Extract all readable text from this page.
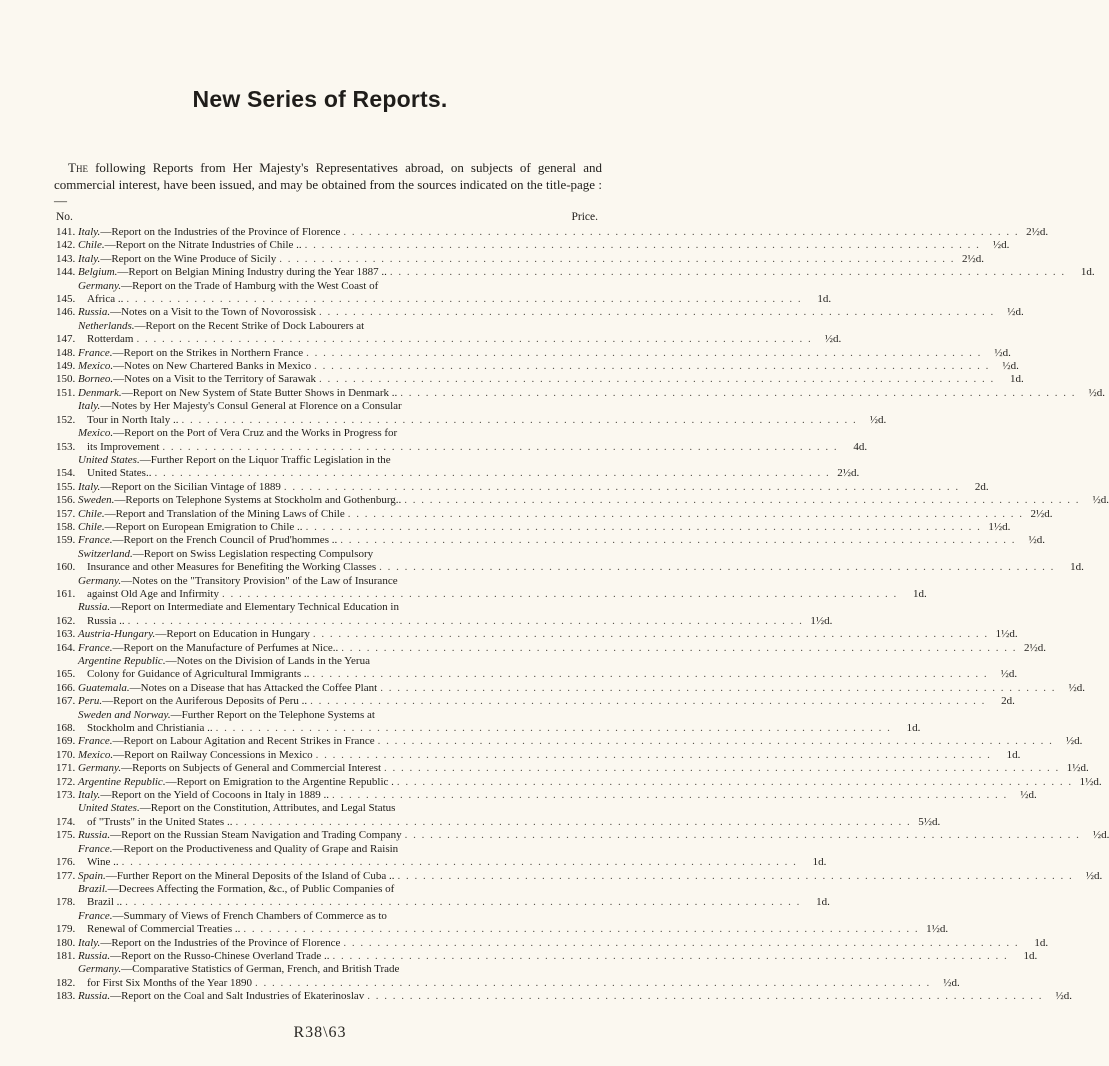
New Series of Reports.

The following Reports from Her Majesty's Representatives abroad, on subjects of general and commercial interest, have been issued, and may be obtained from the sources indicated on the title-page :—

No.	Price.
141. Italy.—Report on the Industries of the Province of Florence . . . . . . . . . . . . . . . . . . . . . . . . . . . . . . . . . . . . . . . . . . . . . . . . . . . . . . . . . . . . . . . . . . . . . . . . . . . . . . . . 2½d.
142. Chile.—Report on the Nitrate Industries of Chile .. . . . . . . . . . . . . . . . . . . . . . . . . . . . . . . . . . . . . . . . . . . . . . . . . . . . . . . . . . . . . . . . . . . . . . . . . . . . . . . . .	½d.
143. Italy.—Report on the Wine Produce of Sicily . . . . . . . . . . . . . . . . . . . . . . . . . . . . . . . . . . . . . . . . . . . . . . . . . . . . . . . . . . . . . . . . . . . . . . . . . . . . . . . . 2½d.
144. Belgium.—Report on Belgian Mining Industry during the Year 1887 .. . . . . . . . . . . . . . . . . . . . . . . . . . . . . . . . . . . . . . . . . . . . . . . . . . . . . . . . . . . . . . . . . . . . . . . . . . . . . . . . .	1d.
145.
Germany.—Report on the Trade of Hamburg with the West Coast of
Africa .. . . . . . . . . . . . . . . . . . . . . . . . . . . . . . . . . . . . . . . . . . . . . . . . . . . . . . . . . . . . . . . . . . . . . . . . . . . . . . . . .	1d.
146. Russia.—Notes on a Visit to the Town of Novorossisk . . . . . . . . . . . . . . . . . . . . . . . . . . . . . . . . . . . . . . . . . . . . . . . . . . . . . . . . . . . . . . . . . . . . . . . . . . . . . . . .	½d.
147.
Netherlands.—Report on the Recent Strike of Dock Labourers at
Rotterdam . . . . . . . . . . . . . . . . . . . . . . . . . . . . . . . . . . . . . . . . . . . . . . . . . . . . . . . . . . . . . . . . . . . . . . . . . . . . . . . .	½d.
148. France.—Report on the Strikes in Northern France . . . . . . . . . . . . . . . . . . . . . . . . . . . . . . . . . . . . . . . . . . . . . . . . . . . . . . . . . . . . . . . . . . . . . . . . . . . . . . . .	½d.
149. Mexico.—Notes on New Chartered Banks in Mexico . . . . . . . . . . . . . . . . . . . . . . . . . . . . . . . . . . . . . . . . . . . . . . . . . . . . . . . . . . . . . . . . . . . . . . . . . . . . . . . .	½d.
150. Borneo.—Notes on a Visit to the Territory of Sarawak . . . . . . . . . . . . . . . . . . . . . . . . . . . . . . . . . . . . . . . . . . . . . . . . . . . . . . . . . . . . . . . . . . . . . . . . . . . . . . . .	1d.
151. Denmark.—Report on New System of State Butter Shows in Denmark .. . . . . . . . . . . . . . . . . . . . . . . . . . . . . . . . . . . . . . . . . . . . . . . . . . . . . . . . . . . . . . . . . . . . . . . . . . . . . . . . .	½d.
152.
Italy.—Notes by Her Majesty's Consul General at Florence on a Consular
Tour in North Italy .. . . . . . . . . . . . . . . . . . . . . . . . . . . . . . . . . . . . . . . . . . . . . . . . . . . . . . . . . . . . . . . . . . . . . . . . . . . . . . . . .	½d.
153.
Mexico.—Report on the Port of Vera Cruz and the Works in Progress for
its Improvement . . . . . . . . . . . . . . . . . . . . . . . . . . . . . . . . . . . . . . . . . . . . . . . . . . . . . . . . . . . . . . . . . . . . . . . . . . . . . . . .	4d.
154.
United States.—Further Report on the Liquor Traffic Legislation in the
United States.. . . . . . . . . . . . . . . . . . . . . . . . . . . . . . . . . . . . . . . . . . . . . . . . . . . . . . . . . . . . . . . . . . . . . . . . . . . . . . . . . 2½d.
155. Italy.—Report on the Sicilian Vintage of 1889 . . . . . . . . . . . . . . . . . . . . . . . . . . . . . . . . . . . . . . . . . . . . . . . . . . . . . . . . . . . . . . . . . . . . . . . . . . . . . . . .	2d.
156. Sweden.—Reports on Telephone Systems at Stockholm and Gothenburg.. . . . . . . . . . . . . . . . . . . . . . . . . . . . . . . . . . . . . . . . . . . . . . . . . . . . . . . . . . . . . . . . . . . . . . . . . . . . . . . . .	½d.
157. Chile.—Report and Translation of the Mining Laws of Chile . . . . . . . . . . . . . . . . . . . . . . . . . . . . . . . . . . . . . . . . . . . . . . . . . . . . . . . . . . . . . . . . . . . . . . . . . . . . . . . . 2½d.
158. Chile.—Report on European Emigration to Chile .. . . . . . . . . . . . . . . . . . . . . . . . . . . . . . . . . . . . . . . . . . . . . . . . . . . . . . . . . . . . . . . . . . . . . . . . . . . . . . . . . 1½d.
159. France.—Report on the French Council of Prud'hommes .. . . . . . . . . . . . . . . . . . . . . . . . . . . . . . . . . . . . . . . . . . . . . . . . . . . . . . . . . . . . . . . . . . . . . . . . . . . . . . . . .	½d.
160.
Switzerland.—Report on Swiss Legislation respecting Compulsory
Insurance and other Measures for Benefiting the Working Classes . . . . . . . . . . . . . . . . . . . . . . . . . . . . . . . . . . . . . . . . . . . . . . . . . . . . . . . . . . . . . . . . . . . . . . . . . . . . . . . .	1d.
161.
Germany.—Notes on the "Transitory Provision" of the Law of Insurance
against Old Age and Infirmity . . . . . . . . . . . . . . . . . . . . . . . . . . . . . . . . . . . . . . . . . . . . . . . . . . . . . . . . . . . . . . . . . . . . . . . . . . . . . . . .	1d.
162.
Russia.—Report on Intermediate and Elementary Technical Education in
Russia .. . . . . . . . . . . . . . . . . . . . . . . . . . . . . . . . . . . . . . . . . . . . . . . . . . . . . . . . . . . . . . . . . . . . . . . . . . . . . . . . . 1½d.
163. Austria-Hungary.—Report on Education in Hungary . . . . . . . . . . . . . . . . . . . . . . . . . . . . . . . . . . . . . . . . . . . . . . . . . . . . . . . . . . . . . . . . . . . . . . . . . . . . . . . . 1½d.
164. France.—Report on the Manufacture of Perfumes at Nice.. . . . . . . . . . . . . . . . . . . . . . . . . . . . . . . . . . . . . . . . . . . . . . . . . . . . . . . . . . . . . . . . . . . . . . . . . . . . . . . . . 2½d.
165.
Argentine Republic.—Notes on the Division of Lands in the Yerua
Colony for Guidance of Agricultural Immigrants .. . . . . . . . . . . . . . . . . . . . . . . . . . . . . . . . . . . . . . . . . . . . . . . . . . . . . . . . . . . . . . . . . . . . . . . . . . . . . . . . .	½d.
166. Guatemala.—Notes on a Disease that has Attacked the Coffee Plant . . . . . . . . . . . . . . . . . . . . . . . . . . . . . . . . . . . . . . . . . . . . . . . . . . . . . . . . . . . . . . . . . . . . . . . . . . . . . . . .	½d.
167. Peru.—Report on the Auriferous Deposits of Peru .. . . . . . . . . . . . . . . . . . . . . . . . . . . . . . . . . . . . . . . . . . . . . . . . . . . . . . . . . . . . . . . . . . . . . . . . . . . . . . . . .	2d.
168.
Sweden and Norway.—Further Report on the Telephone Systems at
Stockholm and Christiania .. . . . . . . . . . . . . . . . . . . . . . . . . . . . . . . . . . . . . . . . . . . . . . . . . . . . . . . . . . . . . . . . . . . . . . . . . . . . . . . . .	1d.
169. France.—Report on Labour Agitation and Recent Strikes in France . . . . . . . . . . . . . . . . . . . . . . . . . . . . . . . . . . . . . . . . . . . . . . . . . . . . . . . . . . . . . . . . . . . . . . . . . . . . . . . .	½d.
170. Mexico.—Report on Railway Concessions in Mexico . . . . . . . . . . . . . . . . . . . . . . . . . . . . . . . . . . . . . . . . . . . . . . . . . . . . . . . . . . . . . . . . . . . . . . . . . . . . . . . .	1d.
171. Germany.—Reports on Subjects of General and Commercial Interest . . . . . . . . . . . . . . . . . . . . . . . . . . . . . . . . . . . . . . . . . . . . . . . . . . . . . . . . . . . . . . . . . . . . . . . . . . . . . . . . 1½d.
172. Argentine Republic.—Report on Emigration to the Argentine Republic . . . . . . . . . . . . . . . . . . . . . . . . . . . . . . . . . . . . . . . . . . . . . . . . . . . . . . . . . . . . . . . . . . . . . . . . . . . . . . . . . 1½d.
173. Italy.—Report on the Yield of Cocoons in Italy in 1889 .. . . . . . . . . . . . . . . . . . . . . . . . . . . . . . . . . . . . . . . . . . . . . . . . . . . . . . . . . . . . . . . . . . . . . . . . . . . . . . . . .	½d.
174.
United States.—Report on the Constitution, Attributes, and Legal Status
of "Trusts" in the United States .. . . . . . . . . . . . . . . . . . . . . . . . . . . . . . . . . . . . . . . . . . . . . . . . . . . . . . . . . . . . . . . . . . . . . . . . . . . . . . . . . 5½d.
175. Russia.—Report on the Russian Steam Navigation and Trading Company . . . . . . . . . . . . . . . . . . . . . . . . . . . . . . . . . . . . . . . . . . . . . . . . . . . . . . . . . . . . . . . . . . . . . . . . . . . . . . . .	½d.
176.
France.—Report on the Productiveness and Quality of Grape and Raisin
Wine .. . . . . . . . . . . . . . . . . . . . . . . . . . . . . . . . . . . . . . . . . . . . . . . . . . . . . . . . . . . . . . . . . . . . . . . . . . . . . . . . .	1d.
177. Spain.—Further Report on the Mineral Deposits of the Island of Cuba .. . . . . . . . . . . . . . . . . . . . . . . . . . . . . . . . . . . . . . . . . . . . . . . . . . . . . . . . . . . . . . . . . . . . . . . . . . . . . . . . .	½d.
178.
Brazil.—Decrees Affecting the Formation, &c., of Public Companies of
Brazil .. . . . . . . . . . . . . . . . . . . . . . . . . . . . . . . . . . . . . . . . . . . . . . . . . . . . . . . . . . . . . . . . . . . . . . . . . . . . . . . . .	1d.
179.
France.—Summary of Views of French Chambers of Commerce as to
Renewal of Commercial Treaties .. . . . . . . . . . . . . . . . . . . . . . . . . . . . . . . . . . . . . . . . . . . . . . . . . . . . . . . . . . . . . . . . . . . . . . . . . . . . . . . . . 1½d.
180. Italy.—Report on the Industries of the Province of Florence . . . . . . . . . . . . . . . . . . . . . . . . . . . . . . . . . . . . . . . . . . . . . . . . . . . . . . . . . . . . . . . . . . . . . . . . . . . . . . . .	1d.
181. Russia.—Report on the Russo-Chinese Overland Trade .. . . . . . . . . . . . . . . . . . . . . . . . . . . . . . . . . . . . . . . . . . . . . . . . . . . . . . . . . . . . . . . . . . . . . . . . . . . . . . . . .	1d.
182.
Germany.—Comparative Statistics of German, French, and British Trade
for First Six Months of the Year 1890 . . . . . . . . . . . . . . . . . . . . . . . . . . . . . . . . . . . . . . . . . . . . . . . . . . . . . . . . . . . . . . . . . . . . . . . . . . . . . . . .	½d.
183. Russia.—Report on the Coal and Salt Industries of Ekaterinoslav . . . . . . . . . . . . . . . . . . . . . . . . . . . . . . . . . . . . . . . . . . . . . . . . . . . . . . . . . . . . . . . . . . . . . . . . . . . . . . . .	½d.
R38\63
